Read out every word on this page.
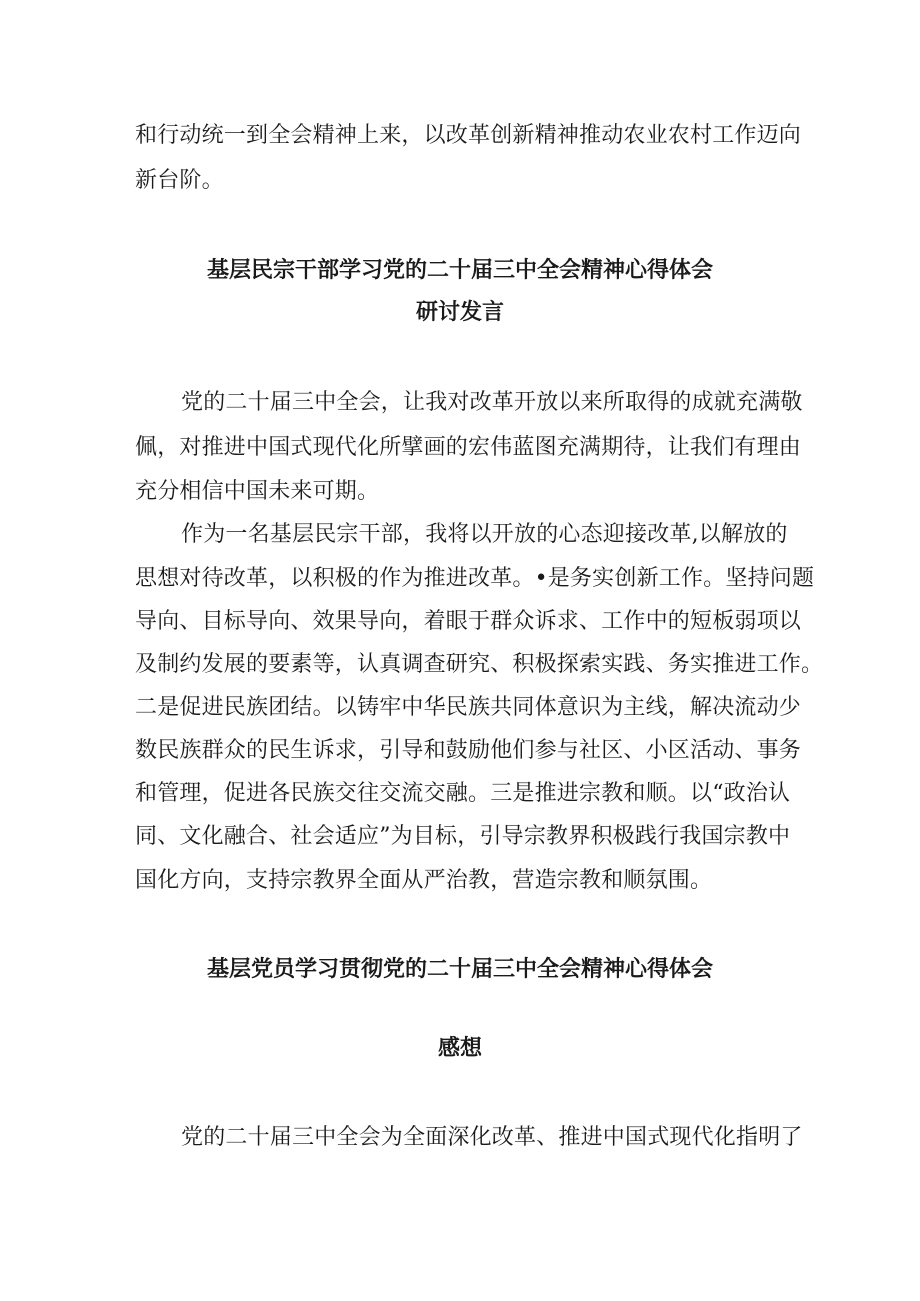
和行动统一到全会精神上来，以改革创新精神推动农业农村工作迈向
新台阶。
基层民宗干部学习党的二十届三中全会精神心得体会
研讨发言
党的二十届三中全会，让我对改革开放以来所取得的成就充满敬
佩，对推进中国式现代化所擘画的宏伟蓝图充满期待，让我们有理由
充分相信中国未来可期。
作为一名基层民宗干部，我将以开放的心态迎接改革,以解放的
思想对待改革，以积极的作为推进改革。•是务实创新工作。坚持问题
导向、目标导向、效果导向，着眼于群众诉求、工作中的短板弱项以
及制约发展的要素等，认真调查研究、积极探索实践、务实推进工作。
二是促进民族团结。以铸牢中华民族共同体意识为主线，解决流动少
数民族群众的民生诉求，引导和鼓励他们参与社区、小区活动、事务
和管理，促进各民族交往交流交融。三是推进宗教和顺。以“政治认
同、文化融合、社会适应”为目标，引导宗教界积极践行我国宗教中
国化方向，支持宗教界全面从严治教，营造宗教和顺氛围。
基层党员学习贯彻党的二十届三中全会精神心得体会
感想
党的二十届三中全会为全面深化改革、推进中国式现代化指明了
